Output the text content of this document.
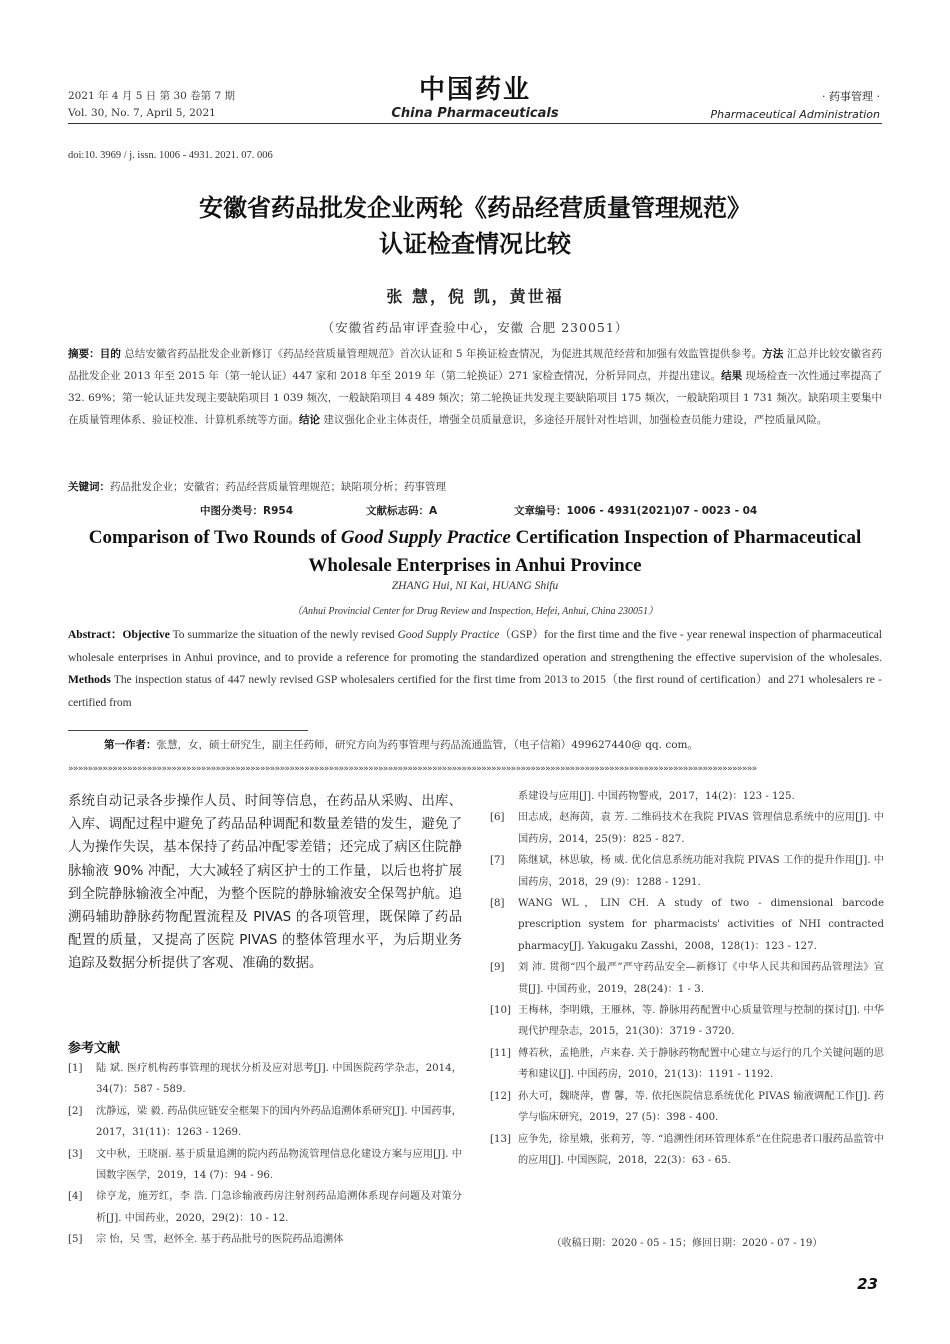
2021 年 4 月 5 日 第 30 卷第 7 期
Vol. 30, No. 7, April 5, 2021
中国药业
China Pharmaceuticals
· 药事管理 ·
Pharmaceutical Administration
doi:10. 3969 / j. issn. 1006 - 4931. 2021. 07. 006
安徽省药品批发企业两轮《药品经营质量管理规范》
认证检查情况比较
张 慧，倪 凯，黄世福
（安徽省药品审评查验中心，安徽 合肥 230051）
摘要：目的 总结安徽省药品批发企业新修订《药品经营质量管理规范》首次认证和 5 年换证检查情况，为促进其规范经营和加强有效监管提供参考。方法 汇总并比较安徽省药品批发企业 2013 年至 2015 年（第一轮认证）447 家和 2018 年至 2019 年（第二轮换证）271 家检查情况，分析异同点，并提出建议。结果 现场检查一次性通过率提高了 32. 69%；第一轮认证共发现主要缺陷项目 1 039 频次，一般缺陷项目 4 489 频次；第二轮换证共发现主要缺陷项目 175 频次，一般缺陷项目 1 731 频次。缺陷项主要集中在质量管理体系、验证校准、计算机系统等方面。结论 建议强化企业主体责任，增强全员质量意识，多途径开展针对性培训，加强检查员能力建设，严控质量风险。
关键词：药品批发企业；安徽省；药品经营质量管理规范；缺陷项分析；药事管理
中图分类号：R954	文献标志码：A	文章编号：1006 - 4931(2021)07 - 0023 - 04
Comparison of Two Rounds of Good Supply Practice Certification Inspection of Pharmaceutical Wholesale Enterprises in Anhui Province
ZHANG Hui, NI Kai, HUANG Shifu
（Anhui Provincial Center for Drug Review and Inspection, Hefei, Anhui, China 230051）
Abstract：Objective To summarize the situation of the newly revised Good Supply Practice（GSP）for the first time and the five - year renewal inspection of pharmaceutical wholesale enterprises in Anhui province, and to provide a reference for promoting the standardized operation and strengthening the effective supervision of the wholesales. Methods The inspection status of 447 newly revised GSP wholesalers certified for the first time from 2013 to 2015（the first round of certification）and 271 wholesalers re - certified from
第一作者：张慧，女，硕士研究生，副主任药师，研究方向为药事管理与药品流通监管，（电子信箱）499627440@ qq. com。
»»»»»»»»»»»»»»»»»»»»»»»»»»»»»»»»»»»»»»»»»»»»»»»»»»»»»»»»»»»»»»»»»»»»»»»»»»»»»»»»»»»»»»»»»»»»»»»»»»»»»»»»»»»»»»»»»»»»»»»»»»»»»»»»»»»»»»»»»»»»
系统自动记录各步操作人员、时间等信息，在药品从采购、出库、入库、调配过程中避免了药品品种调配和数量差错的发生，避免了人为操作失误，基本保持了药品冲配零差错；还完成了病区住院静脉输液 90% 冲配，大大减轻了病区护士的工作量，以后也将扩展到全院静脉输液全冲配，为整个医院的静脉输液安全保驾护航。追溯码辅助静脉药物配置流程及 PIVAS 的各项管理，既保障了药品配置的质量，又提高了医院 PIVAS 的整体管理水平，为后期业务追踪及数据分析提供了客观、准确的数据。
参考文献
[1] 陆 斌. 医疗机构药事管理的现状分析及应对思考[J]. 中国医院药学杂志，2014，34(7)：587 - 589.
[2] 沈静远，梁 毅. 药品供应链安全框架下的国内外药品追溯体系研究[J]. 中国药事，2017，31(11)：1263 - 1269.
[3] 文中秋，王晓丽. 基于质量追溯的院内药品物流管理信息化建设方案与应用[J]. 中国数字医学，2019，14 (7)：94 - 96.
[4] 徐亨龙，施芳红，李 浩. 门急诊输液药房注射剂药品追溯体系现存问题及对策分析[J]. 中国药业，2020，29(2)：10 - 12.
[5] 宗 怡，吴 雪，赵怀全. 基于药品批号的医院药品追溯体
系建设与应用[J]. 中国药物警戒，2017，14(2)：123 - 125.
[6] 田志成，赵海茵，袁 芳. 二维码技术在我院 PIVAS 管理信息系统中的应用[J]. 中国药房，2014，25(9)：825 - 827.
[7] 陈继斌，林思敏，杨 威. 优化信息系统功能对我院 PIVAS 工作的提升作用[J]. 中国药房，2018，29 (9)：1288 - 1291.
[8] WANG WL，LIN CH. A study of two - dimensional barcode prescription system for pharmacists' activities of NHI contracted pharmacy[J]. Yakugaku Zasshi，2008，128(1)：123 - 127.
[9] 刘 沛. 贯彻“四个最严”严守药品安全—新修订《中华人民共和国药品管理法》宣贯[J]. 中国药业，2019，28(24)：1 - 3.
[10] 王梅林，李明娥，王雁林，等. 静脉用药配置中心质量管理与控制的探讨[J]. 中华现代护理杂志，2015，21(30)：3719 - 3720.
[11] 傅若秋，孟艳胜，卢来春. 关于静脉药物配置中心建立与运行的几个关键问题的思考和建议[J]. 中国药房，2010，21(13)：1191 - 1192.
[12] 孙大可，魏晓萍，曹 馨，等. 依托医院信息系统优化 PIVAS 输液调配工作[J]. 药学与临床研究，2019，27 (5)：398 - 400.
[13] 应争先，徐星娥，张莉芳，等. “追溯性闭环管理体系”在住院患者口服药品监管中的应用[J]. 中国医院，2018，22(3)：63 - 65.
（收稿日期：2020 - 05 - 15；修回日期：2020 - 07 - 19）
23
